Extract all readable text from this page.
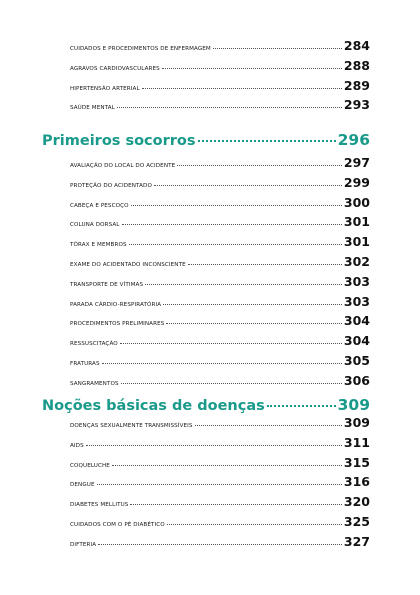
CUIDADOS E PROCEDIMENTOS DE ENFERMAGEM	284
AGRAVOS CARDIOVASCULARES	288
HIPERTENSÃO ARTERIAL	289
SAÚDE MENTAL	293
Primeiros socorros	296
AVALIAÇÃO DO LOCAL DO ACIDENTE	297
PROTEÇÃO DO ACIDENTADO	299
CABEÇA E PESCOÇO	300
COLUNA DORSAL	301
TÓRAX E MEMBROS	301
EXAME DO ACIDENTADO INCONSCIENTE	302
TRANSPORTE DE VÍTIMAS	303
PARADA CÁRDIO-RESPIRATÓRIA	303
PROCEDIMENTOS PRELIMINARES	304
RESSUSCITAÇÃO	304
FRATURAS	305
SANGRAMENTOS	306
Noções básicas de doenças	309
DOENÇAS SEXUALMENTE TRANSMISSÍVEIS	309
AIDS	311
COQUELUCHE	315
DENGUE	316
DIABETES MELLITUS	320
CUIDADOS COM O PÉ DIABÉTICO	325
DIFTERIA	327
